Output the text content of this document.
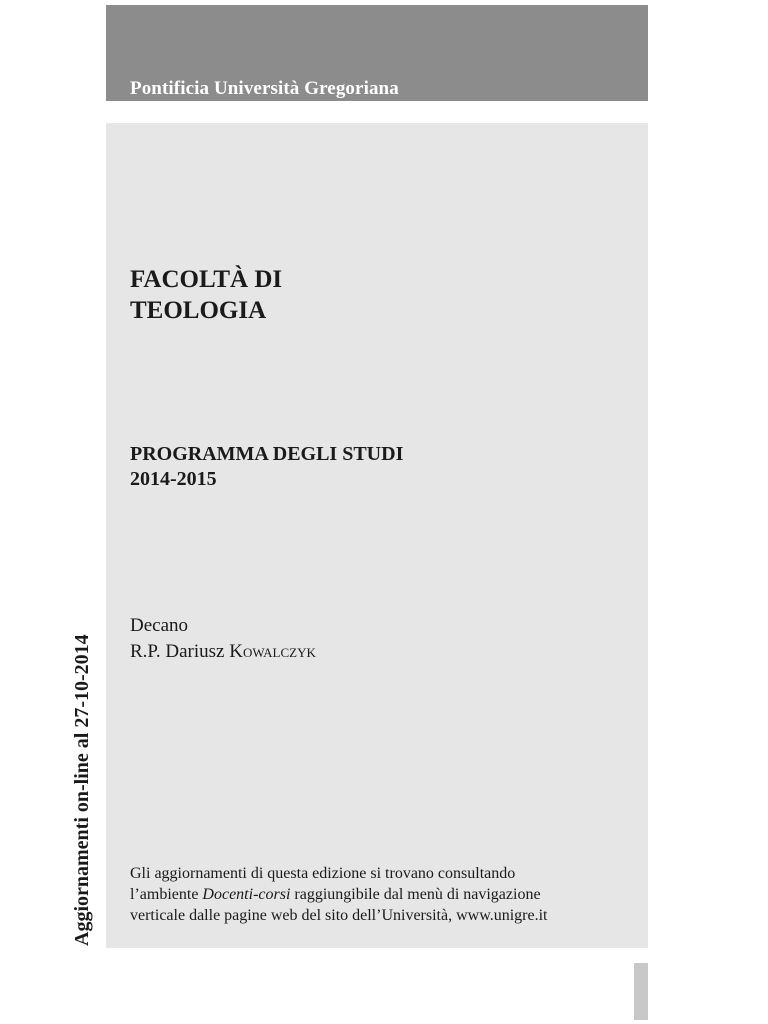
Pontificia Università Gregoriana
FACOLTÀ DI
TEOLOGIA
PROGRAMMA DEGLI STUDI
2014-2015
Decano
R.P. Dariusz Kowalczyk

Gli aggiornamenti di questa edizione si trovano consultando
l’ambiente Docenti-corsi raggiungibile dal menù di navigazione
verticale dalle pagine web del sito dell’Università, www.unigre.it

Aggiornamenti on-line al 27-10-2014
